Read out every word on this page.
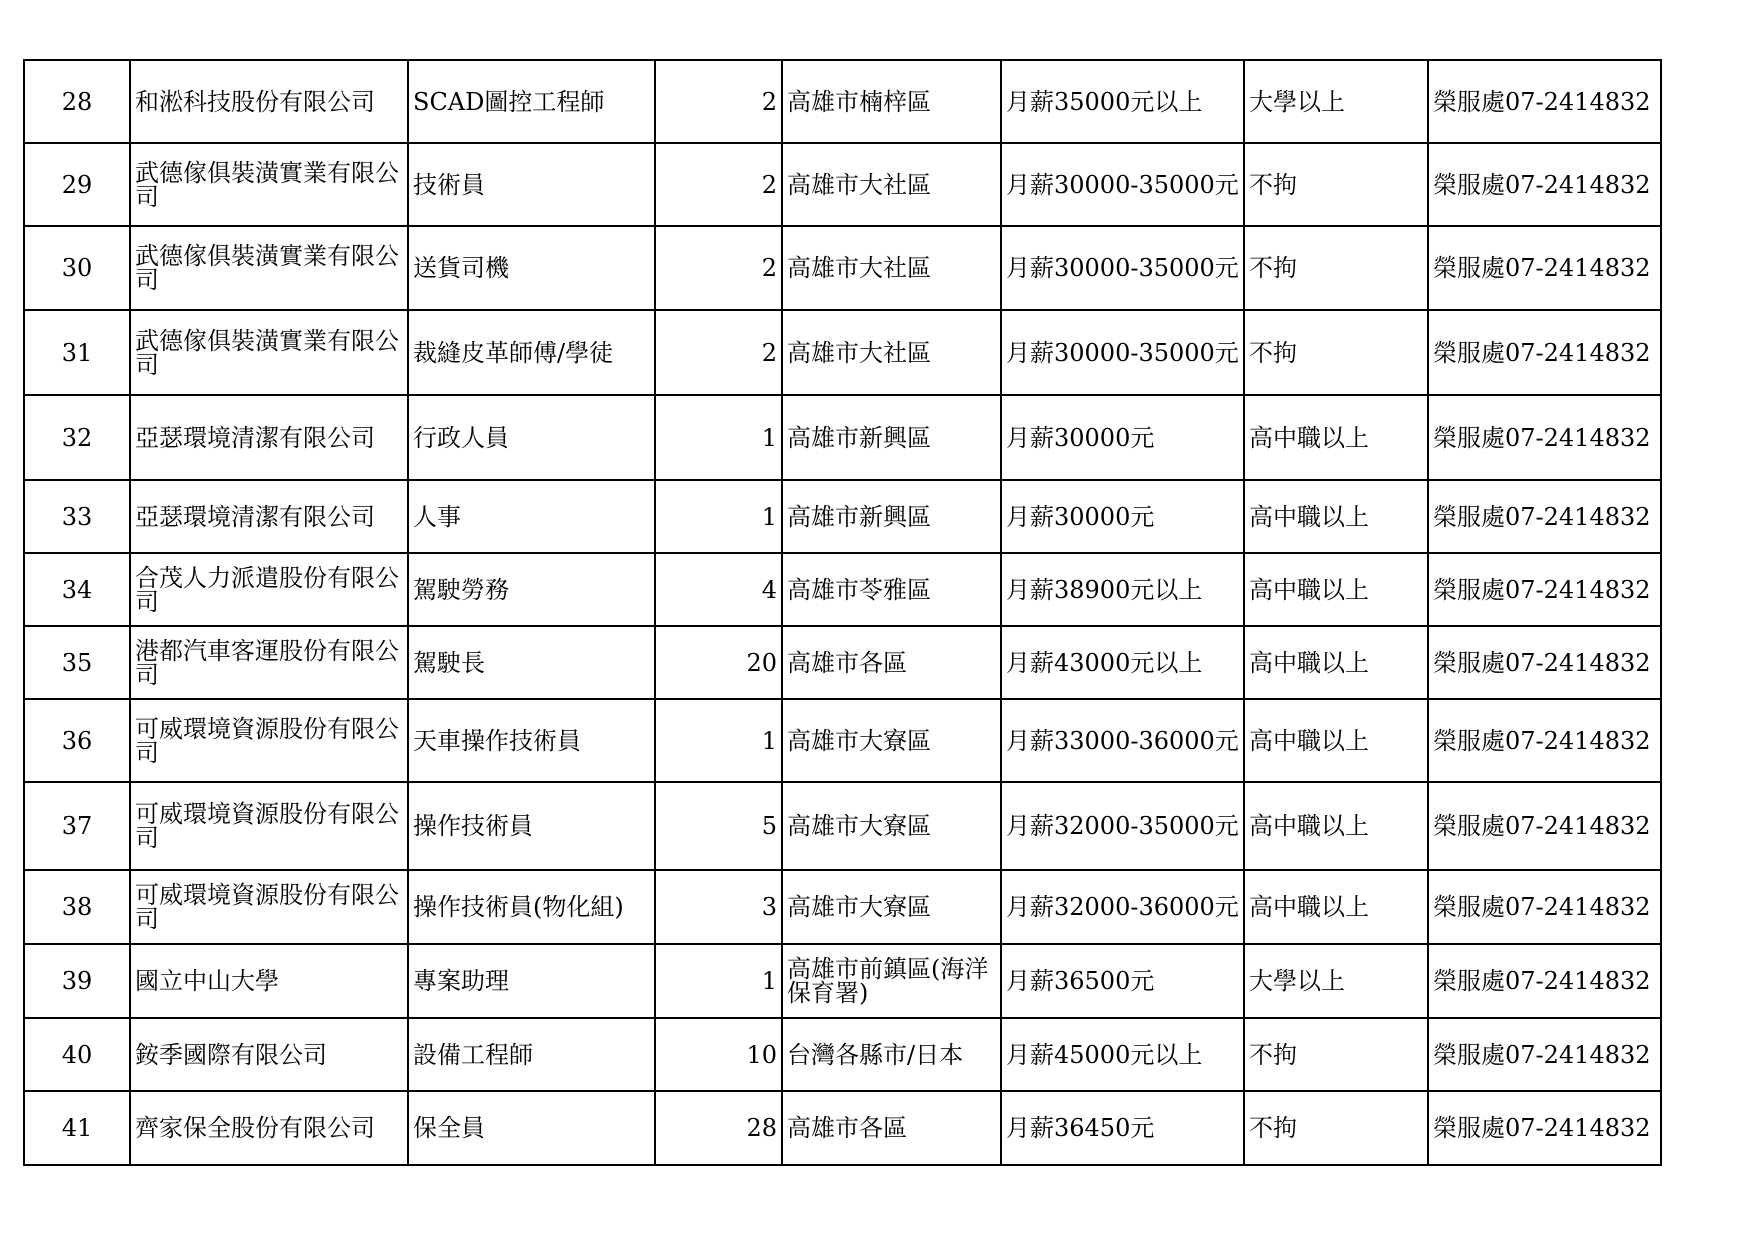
28	和淞科技股份有限公司	SCAD圖控工程師	2	高雄市楠梓區	月薪35000元以上	大學以上	榮服處07-2414832
29	武德傢俱裝潢實業有限公司	技術員	2	高雄市大社區	月薪30000-35000元	不拘	榮服處07-2414832
30	武德傢俱裝潢實業有限公司	送貨司機	2	高雄市大社區	月薪30000-35000元	不拘	榮服處07-2414832
31	武德傢俱裝潢實業有限公司	裁縫皮革師傅/學徒	2	高雄市大社區	月薪30000-35000元	不拘	榮服處07-2414832
32	亞瑟環境清潔有限公司	行政人員	1	高雄市新興區	月薪30000元	高中職以上	榮服處07-2414832
33	亞瑟環境清潔有限公司	人事	1	高雄市新興區	月薪30000元	高中職以上	榮服處07-2414832
34	合茂人力派遣股份有限公司	駕駛勞務	4	高雄市苓雅區	月薪38900元以上	高中職以上	榮服處07-2414832
35	港都汽車客運股份有限公司	駕駛長	20	高雄市各區	月薪43000元以上	高中職以上	榮服處07-2414832
36	可威環境資源股份有限公司	天車操作技術員	1	高雄市大寮區	月薪33000-36000元	高中職以上	榮服處07-2414832
37	可威環境資源股份有限公司	操作技術員	5	高雄市大寮區	月薪32000-35000元	高中職以上	榮服處07-2414832
38	可威環境資源股份有限公司	操作技術員(物化組)	3	高雄市大寮區	月薪32000-36000元	高中職以上	榮服處07-2414832
39	國立中山大學	專案助理	1	高雄市前鎮區(海洋保育署)	月薪36500元	大學以上	榮服處07-2414832
40	銨季國際有限公司	設備工程師	10	台灣各縣市/日本	月薪45000元以上	不拘	榮服處07-2414832
41	齊家保全股份有限公司	保全員	28	高雄市各區	月薪36450元	不拘	榮服處07-2414832
